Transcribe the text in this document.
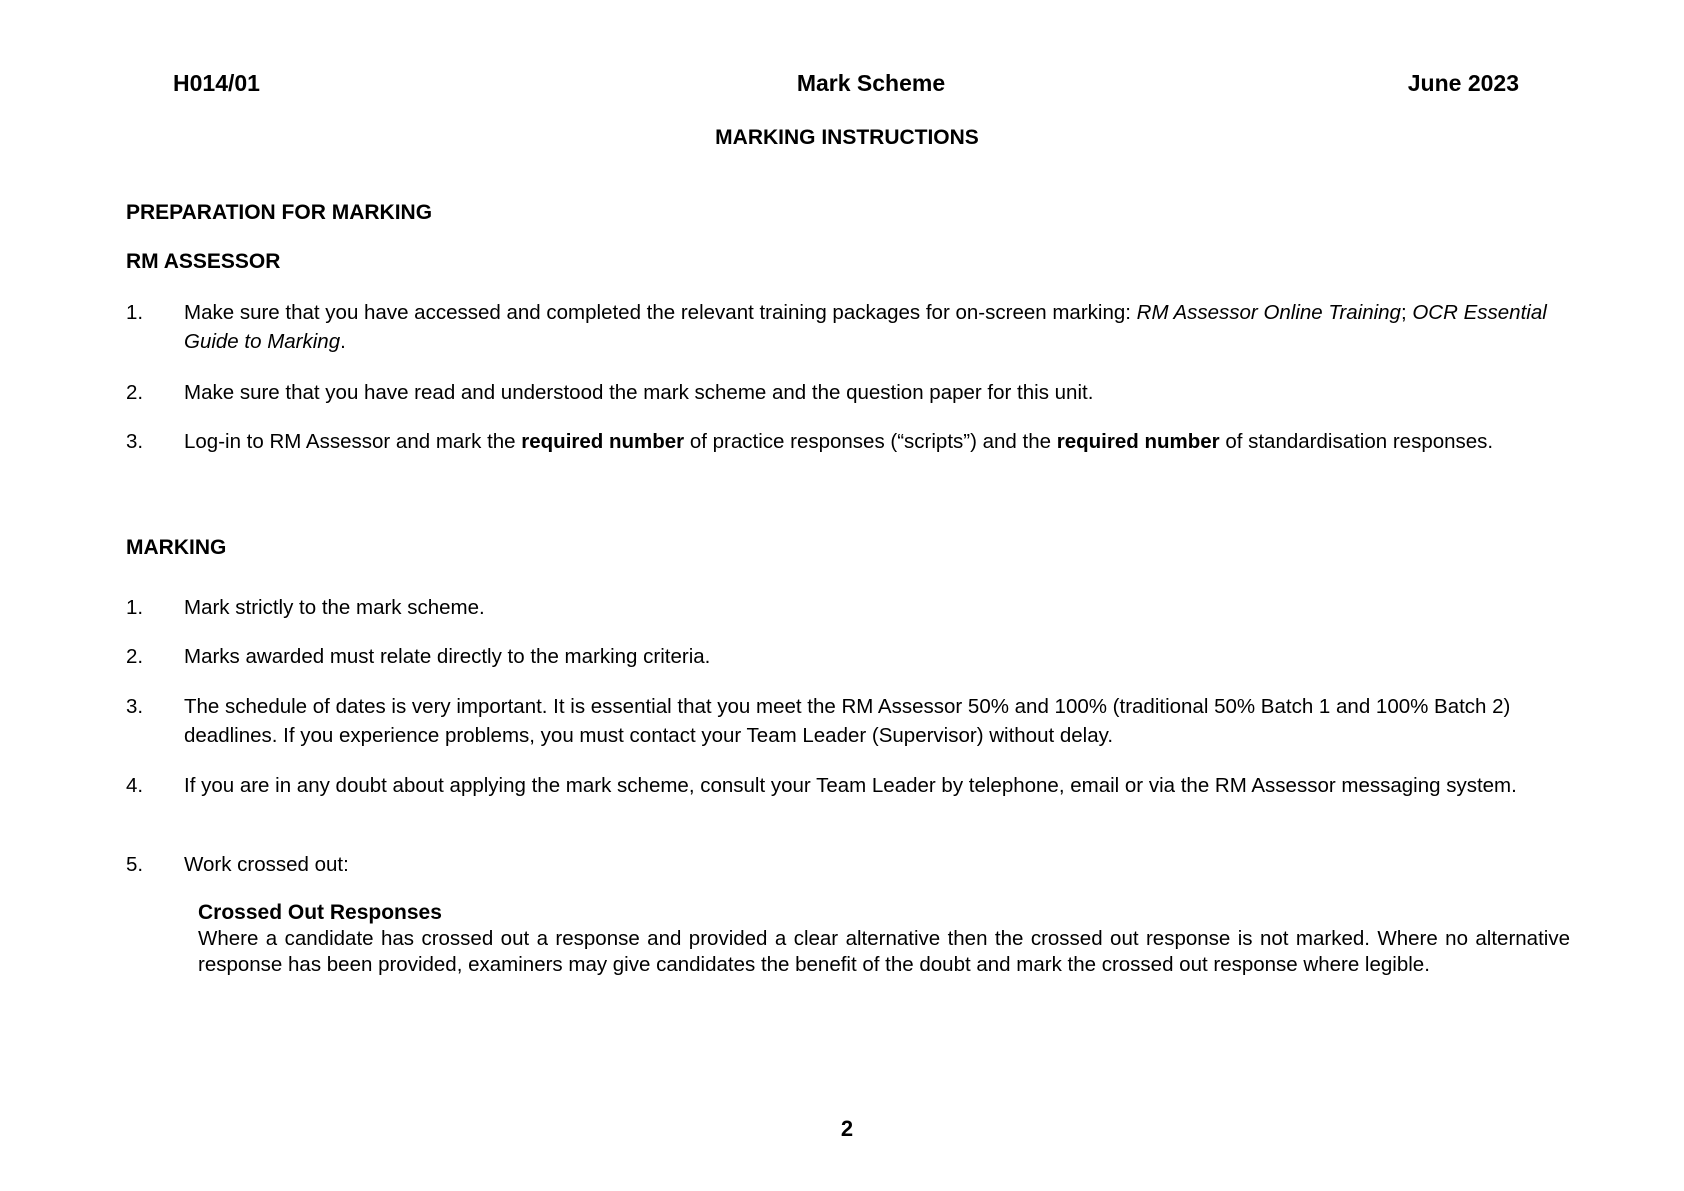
H014/01	Mark Scheme	June 2023
MARKING INSTRUCTIONS
PREPARATION FOR MARKING
RM ASSESSOR
1.	Make sure that you have accessed and completed the relevant training packages for on-screen marking: RM Assessor Online Training; OCR Essential Guide to Marking.
2.	Make sure that you have read and understood the mark scheme and the question paper for this unit.
3.	Log-in to RM Assessor and mark the required number of practice responses (“scripts”) and the required number of standardisation responses.
MARKING
1.	Mark strictly to the mark scheme.
2.	Marks awarded must relate directly to the marking criteria.
3.	The schedule of dates is very important. It is essential that you meet the RM Assessor 50% and 100% (traditional 50% Batch 1 and 100% Batch 2) deadlines. If you experience problems, you must contact your Team Leader (Supervisor) without delay.
4.	If you are in any doubt about applying the mark scheme, consult your Team Leader by telephone, email or via the RM Assessor messaging system.
5.	Work crossed out:
Crossed Out Responses
Where a candidate has crossed out a response and provided a clear alternative then the crossed out response is not marked. Where no alternative response has been provided, examiners may give candidates the benefit of the doubt and mark the crossed out response where legible.
2
